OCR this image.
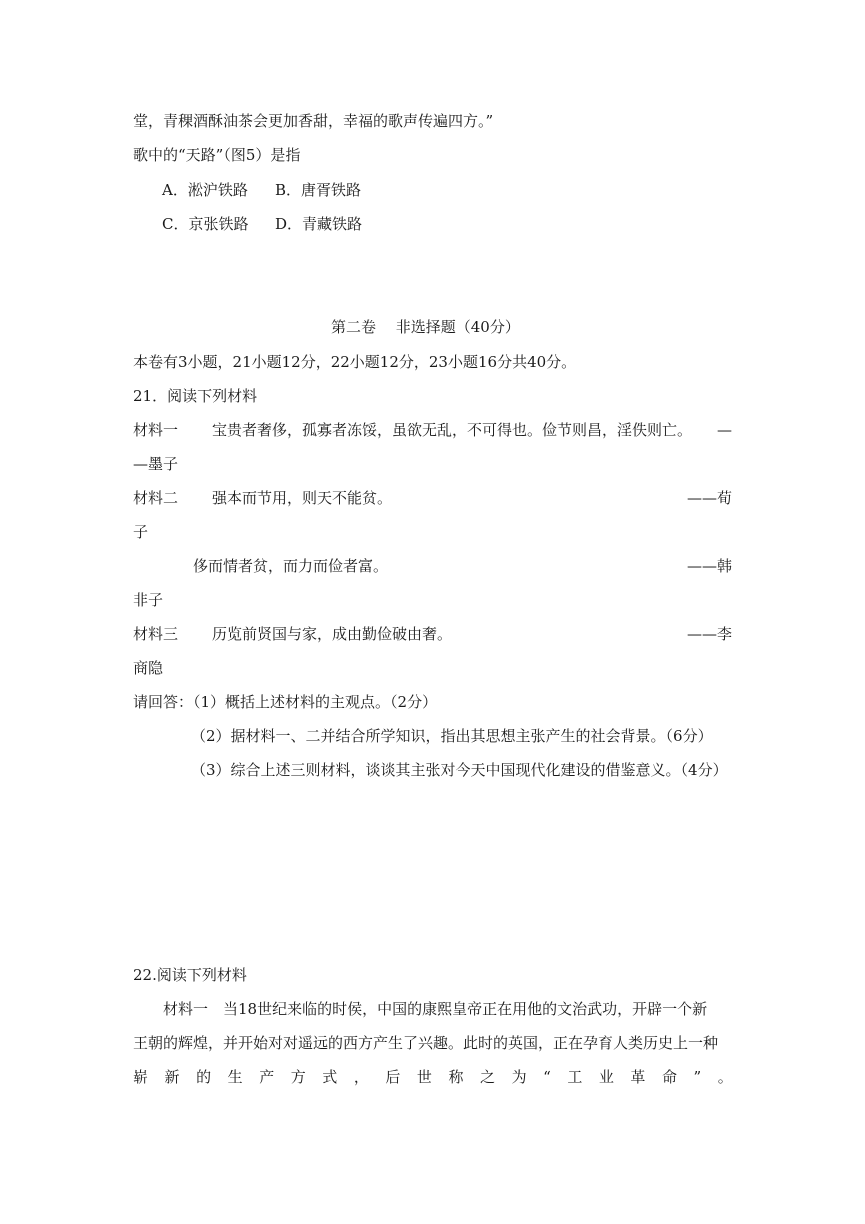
堂，青稞酒酥油茶会更加香甜，幸福的歌声传遍四方。”
歌中的“天路”（图5）是指
A．淞沪铁路 B．唐胥铁路
C．京张铁路 D．青藏铁路
第二卷　 非选择题（40分）
本卷有3小题，21小题12分，22小题12分，23小题16分共40分。
21．阅读下列材料
材料一 宝贵者奢侈，孤寡者冻馁，虽欲无乱，不可得也。俭节则昌，淫佚则亡。 —
—墨子
材料二 强本而节用，则天不能贫。	——荀
子
侈而情者贫，而力而俭者富。	——韩
非子
材料三 历览前贤国与家，成由勤俭破由奢。	——李
商隐
请回答：（1）概括上述材料的主观点。（2分）
（2）据材料一、二并结合所学知识，指出其思想主张产生的社会背景。（6分）
（3）综合上述三则材料，谈谈其主张对今天中国现代化建设的借鉴意义。（4分）
22.阅读下列材料
材料一　当18世纪来临的时侯，中国的康熙皇帝正在用他的文治武功，开辟一个新
王朝的辉煌，并开始对对遥远的西方产生了兴趣。此时的英国，正在孕育人类历史上一种
崭 新 的 生 产 方 式 ， 后 世 称 之 为 “ 工 业 革 命 ” 。
